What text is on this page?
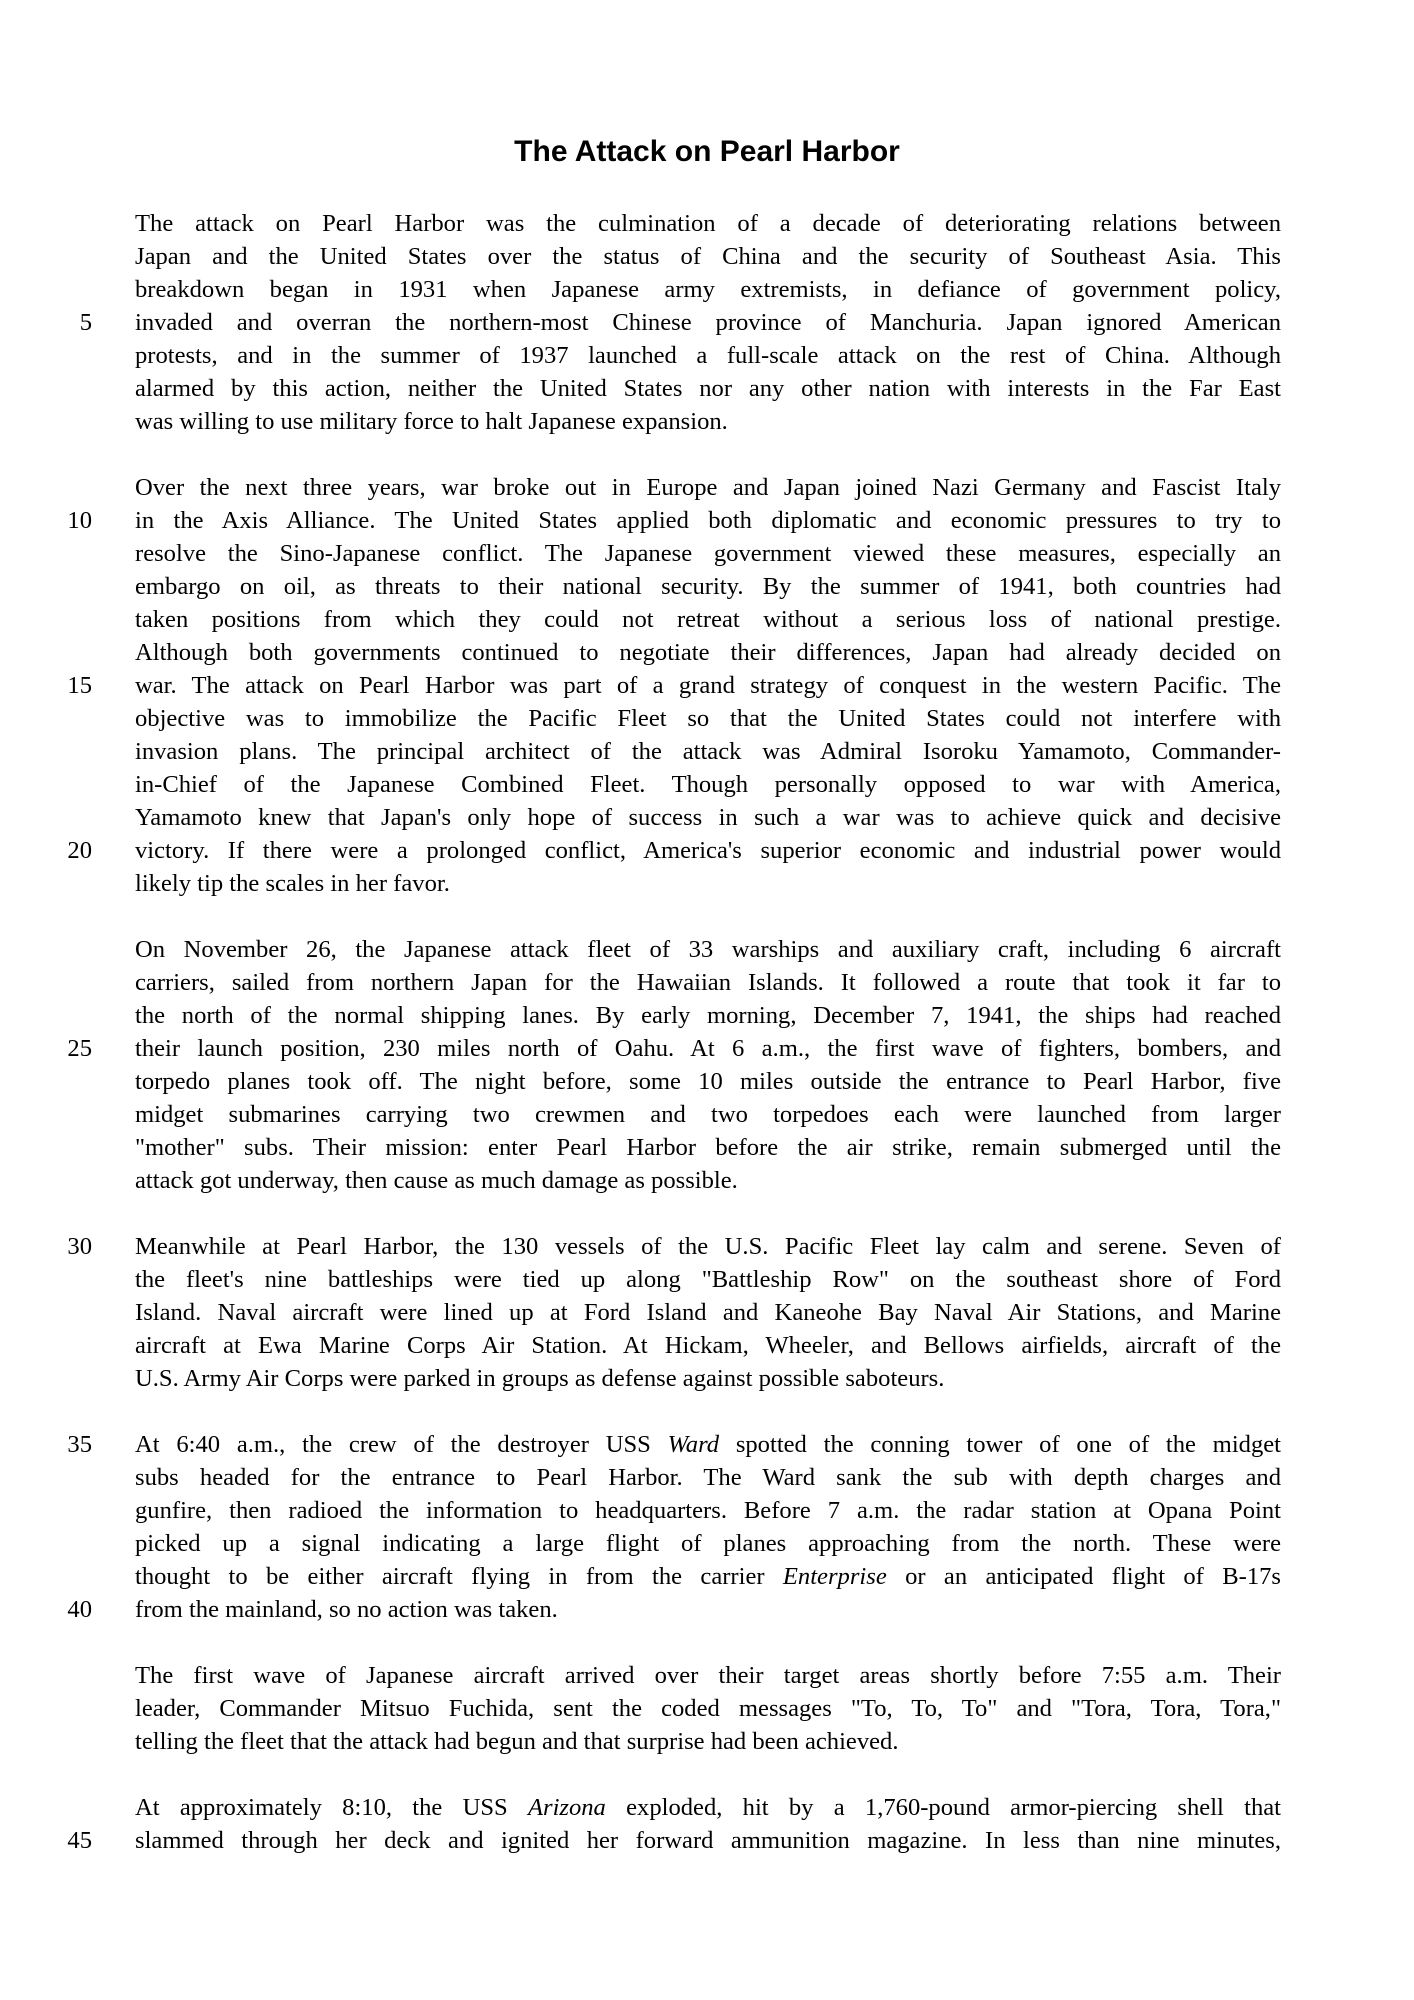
The Attack on Pearl Harbor
The attack on Pearl Harbor was the culmination of a decade of deteriorating relations between
Japan and the United States over the status of China and the security of Southeast Asia. This
breakdown began in 1931 when Japanese army extremists, in defiance of government policy,
5 invaded and overran the northern-most Chinese province of Manchuria. Japan ignored American
protests, and in the summer of 1937 launched a full-scale attack on the rest of China. Although
alarmed by this action, neither the United States nor any other nation with interests in the Far East
was willing to use military force to halt Japanese expansion.
Over the next three years, war broke out in Europe and Japan joined Nazi Germany and Fascist Italy
10 in the Axis Alliance. The United States applied both diplomatic and economic pressures to try to
resolve the Sino-Japanese conflict. The Japanese government viewed these measures, especially an
embargo on oil, as threats to their national security. By the summer of 1941, both countries had
taken positions from which they could not retreat without a serious loss of national prestige.
Although both governments continued to negotiate their differences, Japan had already decided on
15 war. The attack on Pearl Harbor was part of a grand strategy of conquest in the western Pacific. The
objective was to immobilize the Pacific Fleet so that the United States could not interfere with
invasion plans. The principal architect of the attack was Admiral Isoroku Yamamoto, Commander-
in-Chief of the Japanese Combined Fleet. Though personally opposed to war with America,
Yamamoto knew that Japan's only hope of success in such a war was to achieve quick and decisive
20 victory. If there were a prolonged conflict, America's superior economic and industrial power would
likely tip the scales in her favor.
On November 26, the Japanese attack fleet of 33 warships and auxiliary craft, including 6 aircraft
carriers, sailed from northern Japan for the Hawaiian Islands. It followed a route that took it far to
the north of the normal shipping lanes. By early morning, December 7, 1941, the ships had reached
25 their launch position, 230 miles north of Oahu. At 6 a.m., the first wave of fighters, bombers, and
torpedo planes took off. The night before, some 10 miles outside the entrance to Pearl Harbor, five
midget submarines carrying two crewmen and two torpedoes each were launched from larger
"mother" subs. Their mission: enter Pearl Harbor before the air strike, remain submerged until the
attack got underway, then cause as much damage as possible.
30 Meanwhile at Pearl Harbor, the 130 vessels of the U.S. Pacific Fleet lay calm and serene. Seven of
the fleet's nine battleships were tied up along "Battleship Row" on the southeast shore of Ford
Island. Naval aircraft were lined up at Ford Island and Kaneohe Bay Naval Air Stations, and Marine
aircraft at Ewa Marine Corps Air Station. At Hickam, Wheeler, and Bellows airfields, aircraft of the
U.S. Army Air Corps were parked in groups as defense against possible saboteurs.
35 At 6:40 a.m., the crew of the destroyer USS Ward spotted the conning tower of one of the midget
subs headed for the entrance to Pearl Harbor. The Ward sank the sub with depth charges and
gunfire, then radioed the information to headquarters. Before 7 a.m. the radar station at Opana Point
picked up a signal indicating a large flight of planes approaching from the north. These were
thought to be either aircraft flying in from the carrier Enterprise or an anticipated flight of B-17s
40 from the mainland, so no action was taken.
The first wave of Japanese aircraft arrived over their target areas shortly before 7:55 a.m. Their
leader, Commander Mitsuo Fuchida, sent the coded messages "To, To, To" and "Tora, Tora, Tora,"
telling the fleet that the attack had begun and that surprise had been achieved.
At approximately 8:10, the USS Arizona exploded, hit by a 1,760-pound armor-piercing shell that
45 slammed through her deck and ignited her forward ammunition magazine. In less than nine minutes,
